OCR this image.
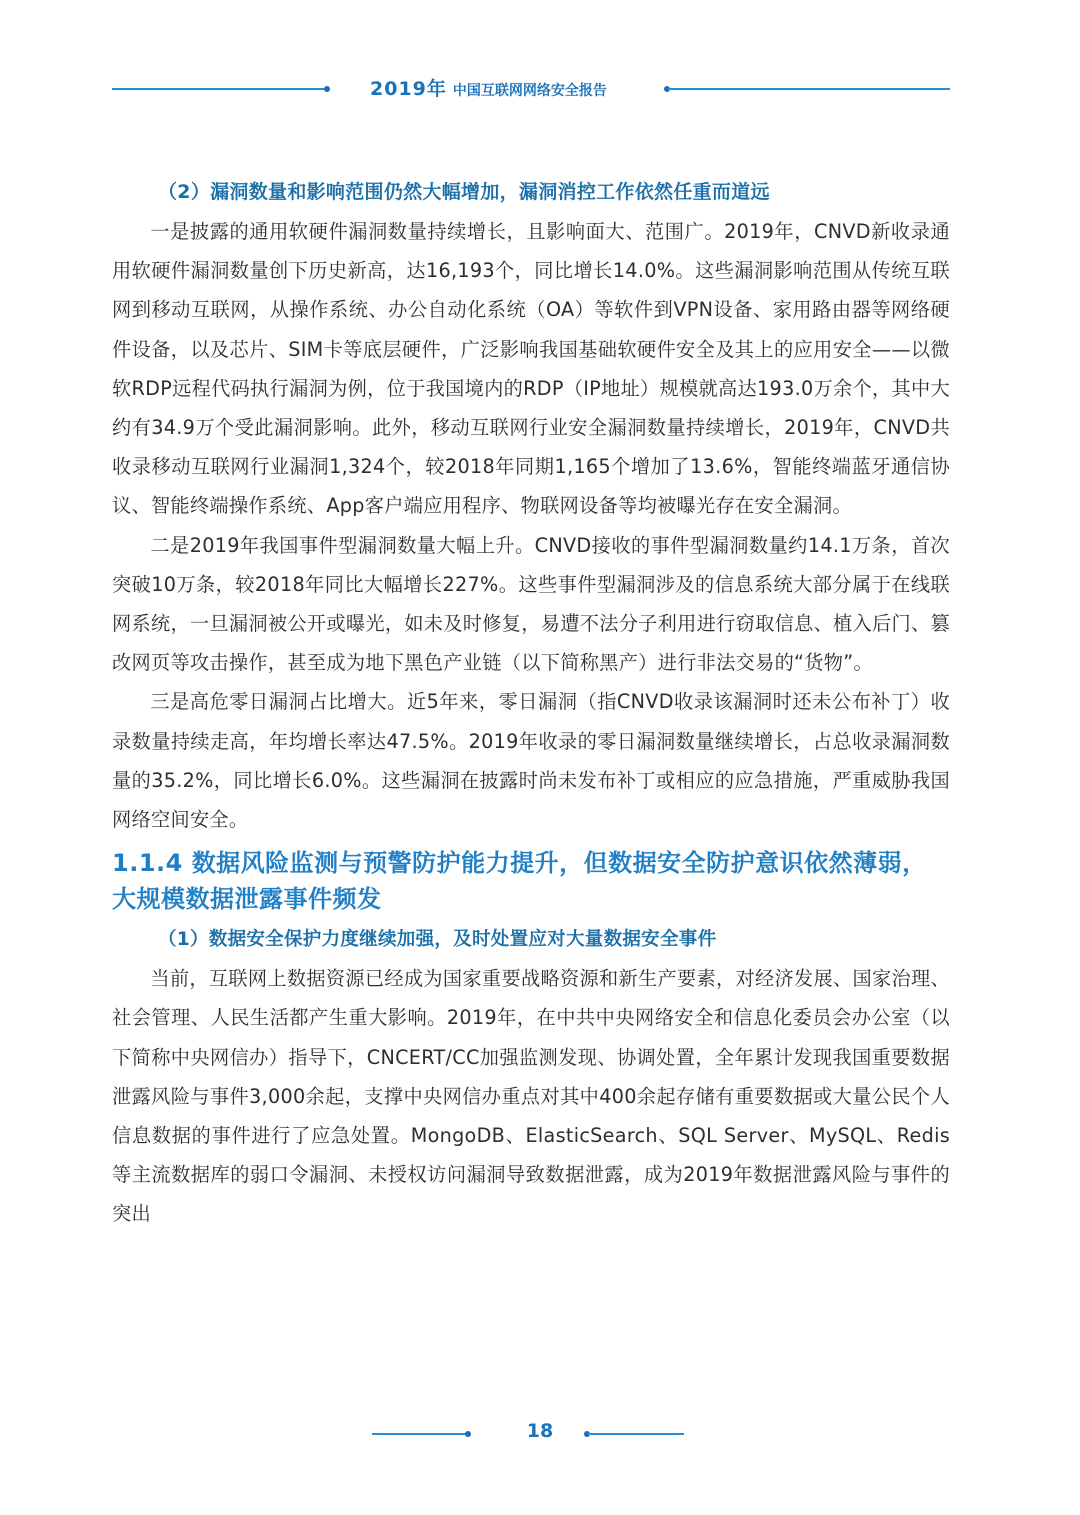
2019年 中国互联网网络安全报告
（2）漏洞数量和影响范围仍然大幅增加，漏洞消控工作依然任重而道远

一是披露的通用软硬件漏洞数量持续增长，且影响面大、范围广。2019年，CNVD新收录通用软硬件漏洞数量创下历史新高，达16,193个，同比增长14.0%。这些漏洞影响范围从传统互联网到移动互联网，从操作系统、办公自动化系统（OA）等软件到VPN设备、家用路由器等网络硬件设备，以及芯片、SIM卡等底层硬件，广泛影响我国基础软硬件安全及其上的应用安全——以微软RDP远程代码执行漏洞为例，位于我国境内的RDP（IP地址）规模就高达193.0万余个，其中大约有34.9万个受此漏洞影响。此外，移动互联网行业安全漏洞数量持续增长，2019年，CNVD共收录移动互联网行业漏洞1,324个，较2018年同期1,165个增加了13.6%，智能终端蓝牙通信协议、智能终端操作系统、App客户端应用程序、物联网设备等均被曝光存在安全漏洞。

二是2019年我国事件型漏洞数量大幅上升。CNVD接收的事件型漏洞数量约14.1万条，首次突破10万条，较2018年同比大幅增长227%。这些事件型漏洞涉及的信息系统大部分属于在线联网系统，一旦漏洞被公开或曝光，如未及时修复，易遭不法分子利用进行窃取信息、植入后门、篡改网页等攻击操作，甚至成为地下黑色产业链（以下简称黑产）进行非法交易的“货物”。

三是高危零日漏洞占比增大。近5年来，零日漏洞（指CNVD收录该漏洞时还未公布补丁）收录数量持续走高，年均增长率达47.5%。2019年收录的零日漏洞数量继续增长，占总收录漏洞数量的35.2%，同比增长6.0%。这些漏洞在披露时尚未发布补丁或相应的应急措施，严重威胁我国网络空间安全。

1.1.4 数据风险监测与预警防护能力提升，但数据安全防护意识依然薄弱，大规模数据泄露事件频发
（1）数据安全保护力度继续加强，及时处置应对大量数据安全事件

当前，互联网上数据资源已经成为国家重要战略资源和新生产要素，对经济发展、国家治理、社会管理、人民生活都产生重大影响。2019年，在中共中央网络安全和信息化委员会办公室（以下简称中央网信办）指导下，CNCERT/CC加强监测发现、协调处置，全年累计发现我国重要数据泄露风险与事件3,000余起，支撑中央网信办重点对其中400余起存储有重要数据或大量公民个人信息数据的事件进行了应急处置。MongoDB、ElasticSearch、SQL Server、MySQL、Redis等主流数据库的弱口令漏洞、未授权访问漏洞导致数据泄露，成为2019年数据泄露风险与事件的突出

18
